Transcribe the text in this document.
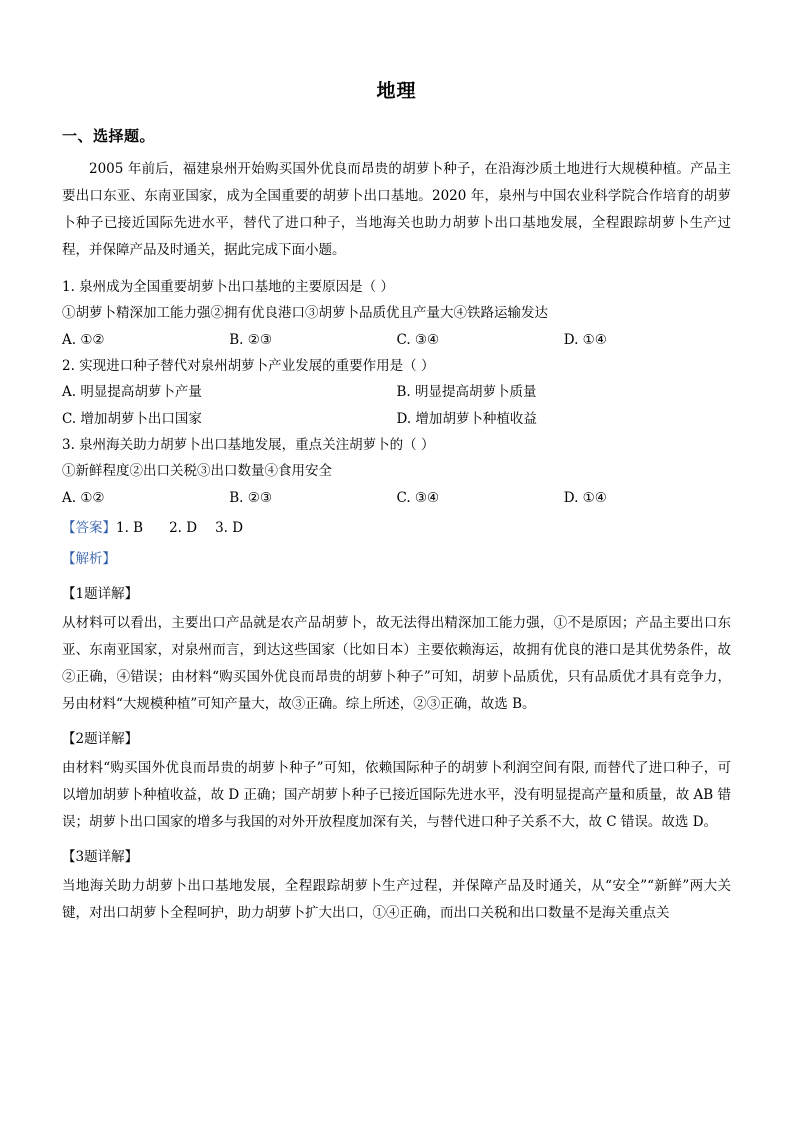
地理
一、选择题。
2005 年前后，福建泉州开始购买国外优良而昂贵的胡萝卜种子，在沿海沙质土地进行大规模种植。产品主要出口东亚、东南亚国家，成为全国重要的胡萝卜出口基地。2020 年，泉州与中国农业科学院合作培育的胡萝卜种子已接近国际先进水平，替代了进口种子，当地海关也助力胡萝卜出口基地发展，全程跟踪胡萝卜生产过程，并保障产品及时通关，据此完成下面小题。
1. 泉州成为全国重要胡萝卜出口基地的主要原因是（ ）
①胡萝卜精深加工能力强②拥有优良港口③胡萝卜品质优且产量大④铁路运输发达
A. ①②	B. ②③	C. ③④	D. ①④
2. 实现进口种子替代对泉州胡萝卜产业发展的重要作用是（ ）
A. 明显提高胡萝卜产量	B. 明显提高胡萝卜质量
C. 增加胡萝卜出口国家	D. 增加胡萝卜种植收益
3. 泉州海关助力胡萝卜出口基地发展，重点关注胡萝卜的（ ）
①新鲜程度②出口关税③出口数量④食用安全
A. ①②	B. ②③	C. ③④	D. ①④
【答案】1. B 2. D 3. D
【解析】
【1题详解】
从材料可以看出，主要出口产品就是农产品胡萝卜，故无法得出精深加工能力强，①不是原因；产品主要出口东亚、东南亚国家，对泉州而言，到达这些国家（比如日本）主要依赖海运，故拥有优良的港口是其优势条件，故②正确，④错误；由材料“购买国外优良而昂贵的胡萝卜种子”可知，胡萝卜品质优，只有品质优才具有竞争力，另由材料“大规模种植”可知产量大，故③正确。综上所述，②③正确，故选 B。
【2题详解】
由材料“购买国外优良而昂贵的胡萝卜种子”可知，依赖国际种子的胡萝卜利润空间有限, 而替代了进口种子，可以增加胡萝卜种植收益，故 D 正确；国产胡萝卜种子已接近国际先进水平，没有明显提高产量和质量，故 AB 错误；胡萝卜出口国家的增多与我国的对外开放程度加深有关，与替代进口种子关系不大，故 C 错误。故选 D。
【3题详解】
当地海关助力胡萝卜出口基地发展，全程跟踪胡萝卜生产过程，并保障产品及时通关，从“安全”“新鲜”两大关键，对出口胡萝卜全程呵护，助力胡萝卜扩大出口，①④正确，而出口关税和出口数量不是海关重点关
